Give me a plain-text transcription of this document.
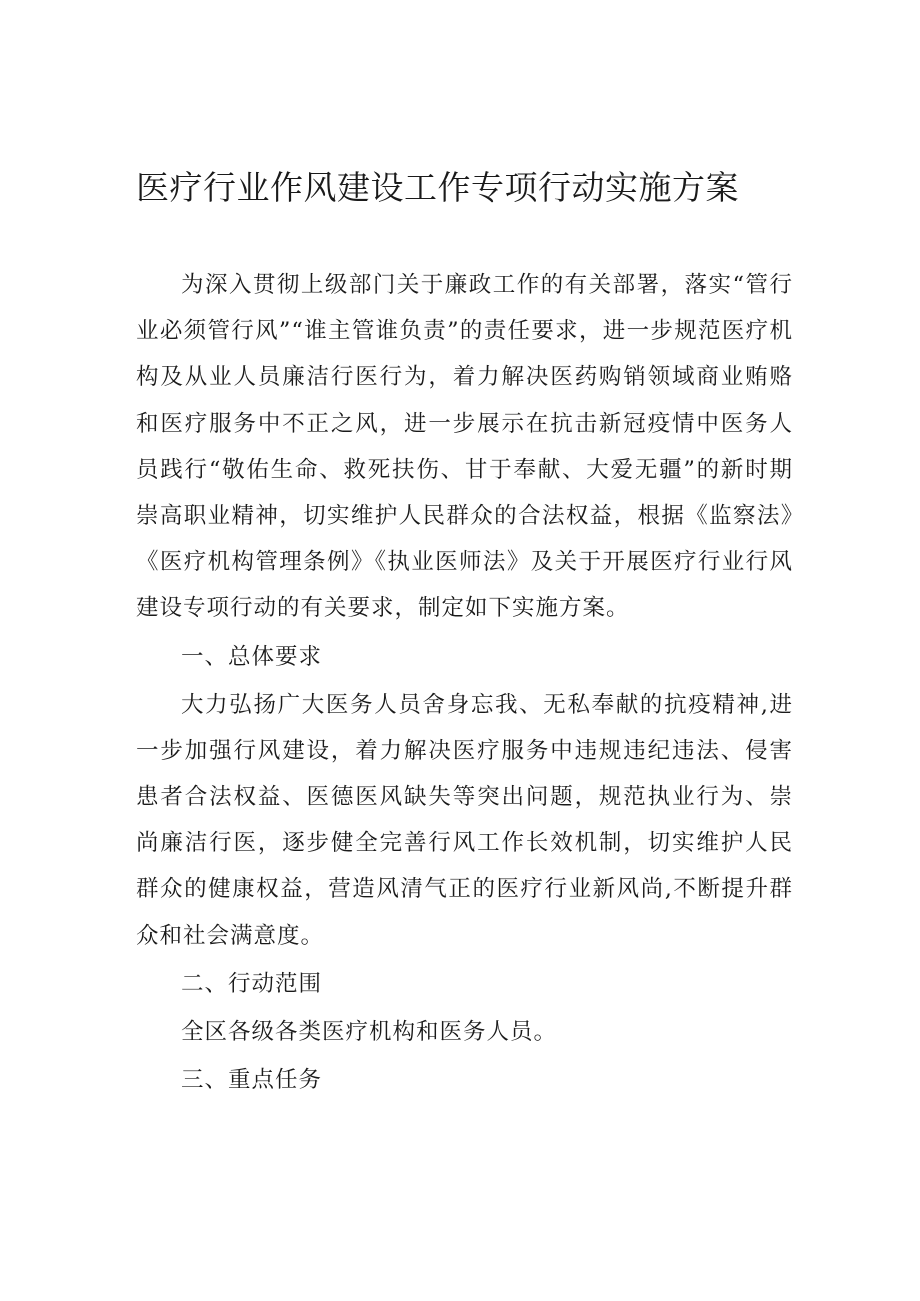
医疗行业作风建设工作专项行动实施方案

为深入贯彻上级部门关于廉政工作的有关部署，落实“管行业必须管行风”“谁主管谁负责”的责任要求，进一步规范医疗机构及从业人员廉洁行医行为，着力解决医药购销领域商业贿赂和医疗服务中不正之风，进一步展示在抗击新冠疫情中医务人员践行“敬佑生命、救死扶伤、甘于奉献、大爱无疆”的新时期崇高职业精神，切实维护人民群众的合法权益，根据《监察法》《医疗机构管理条例》《执业医师法》及关于开展医疗行业行风建设专项行动的有关要求，制定如下实施方案。

一、总体要求

大力弘扬广大医务人员舍身忘我、无私奉献的抗疫精神,进一步加强行风建设，着力解决医疗服务中违规违纪违法、侵害患者合法权益、医德医风缺失等突出问题，规范执业行为、崇尚廉洁行医，逐步健全完善行风工作长效机制，切实维护人民群众的健康权益，营造风清气正的医疗行业新风尚,不断提升群众和社会满意度。

二、行动范围

全区各级各类医疗机构和医务人员。

三、重点任务
